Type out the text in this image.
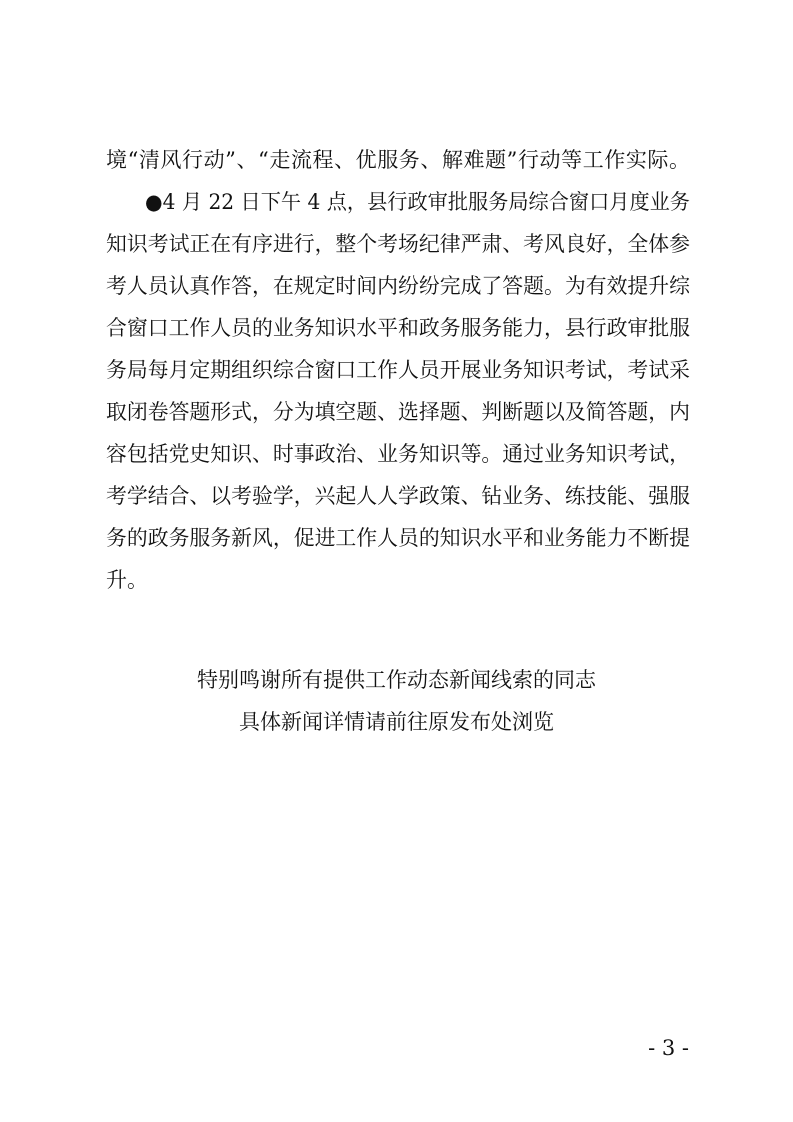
境“清风行动”、“走流程、优服务、解难题”行动等工作实际。
●4 月 22 日下午 4 点，县行政审批服务局综合窗口月度业务
知识考试正在有序进行，整个考场纪律严肃、考风良好，全体参
考人员认真作答，在规定时间内纷纷完成了答题。为有效提升综
合窗口工作人员的业务知识水平和政务服务能力，县行政审批服
务局每月定期组织综合窗口工作人员开展业务知识考试，考试采
取闭卷答题形式，分为填空题、选择题、判断题以及简答题，内
容包括党史知识、时事政治、业务知识等。通过业务知识考试，
考学结合、以考验学，兴起人人学政策、钻业务、练技能、强服
务的政务服务新风，促进工作人员的知识水平和业务能力不断提
升。
特别鸣谢所有提供工作动态新闻线索的同志
具体新闻详情请前往原发布处浏览
- 3 -
